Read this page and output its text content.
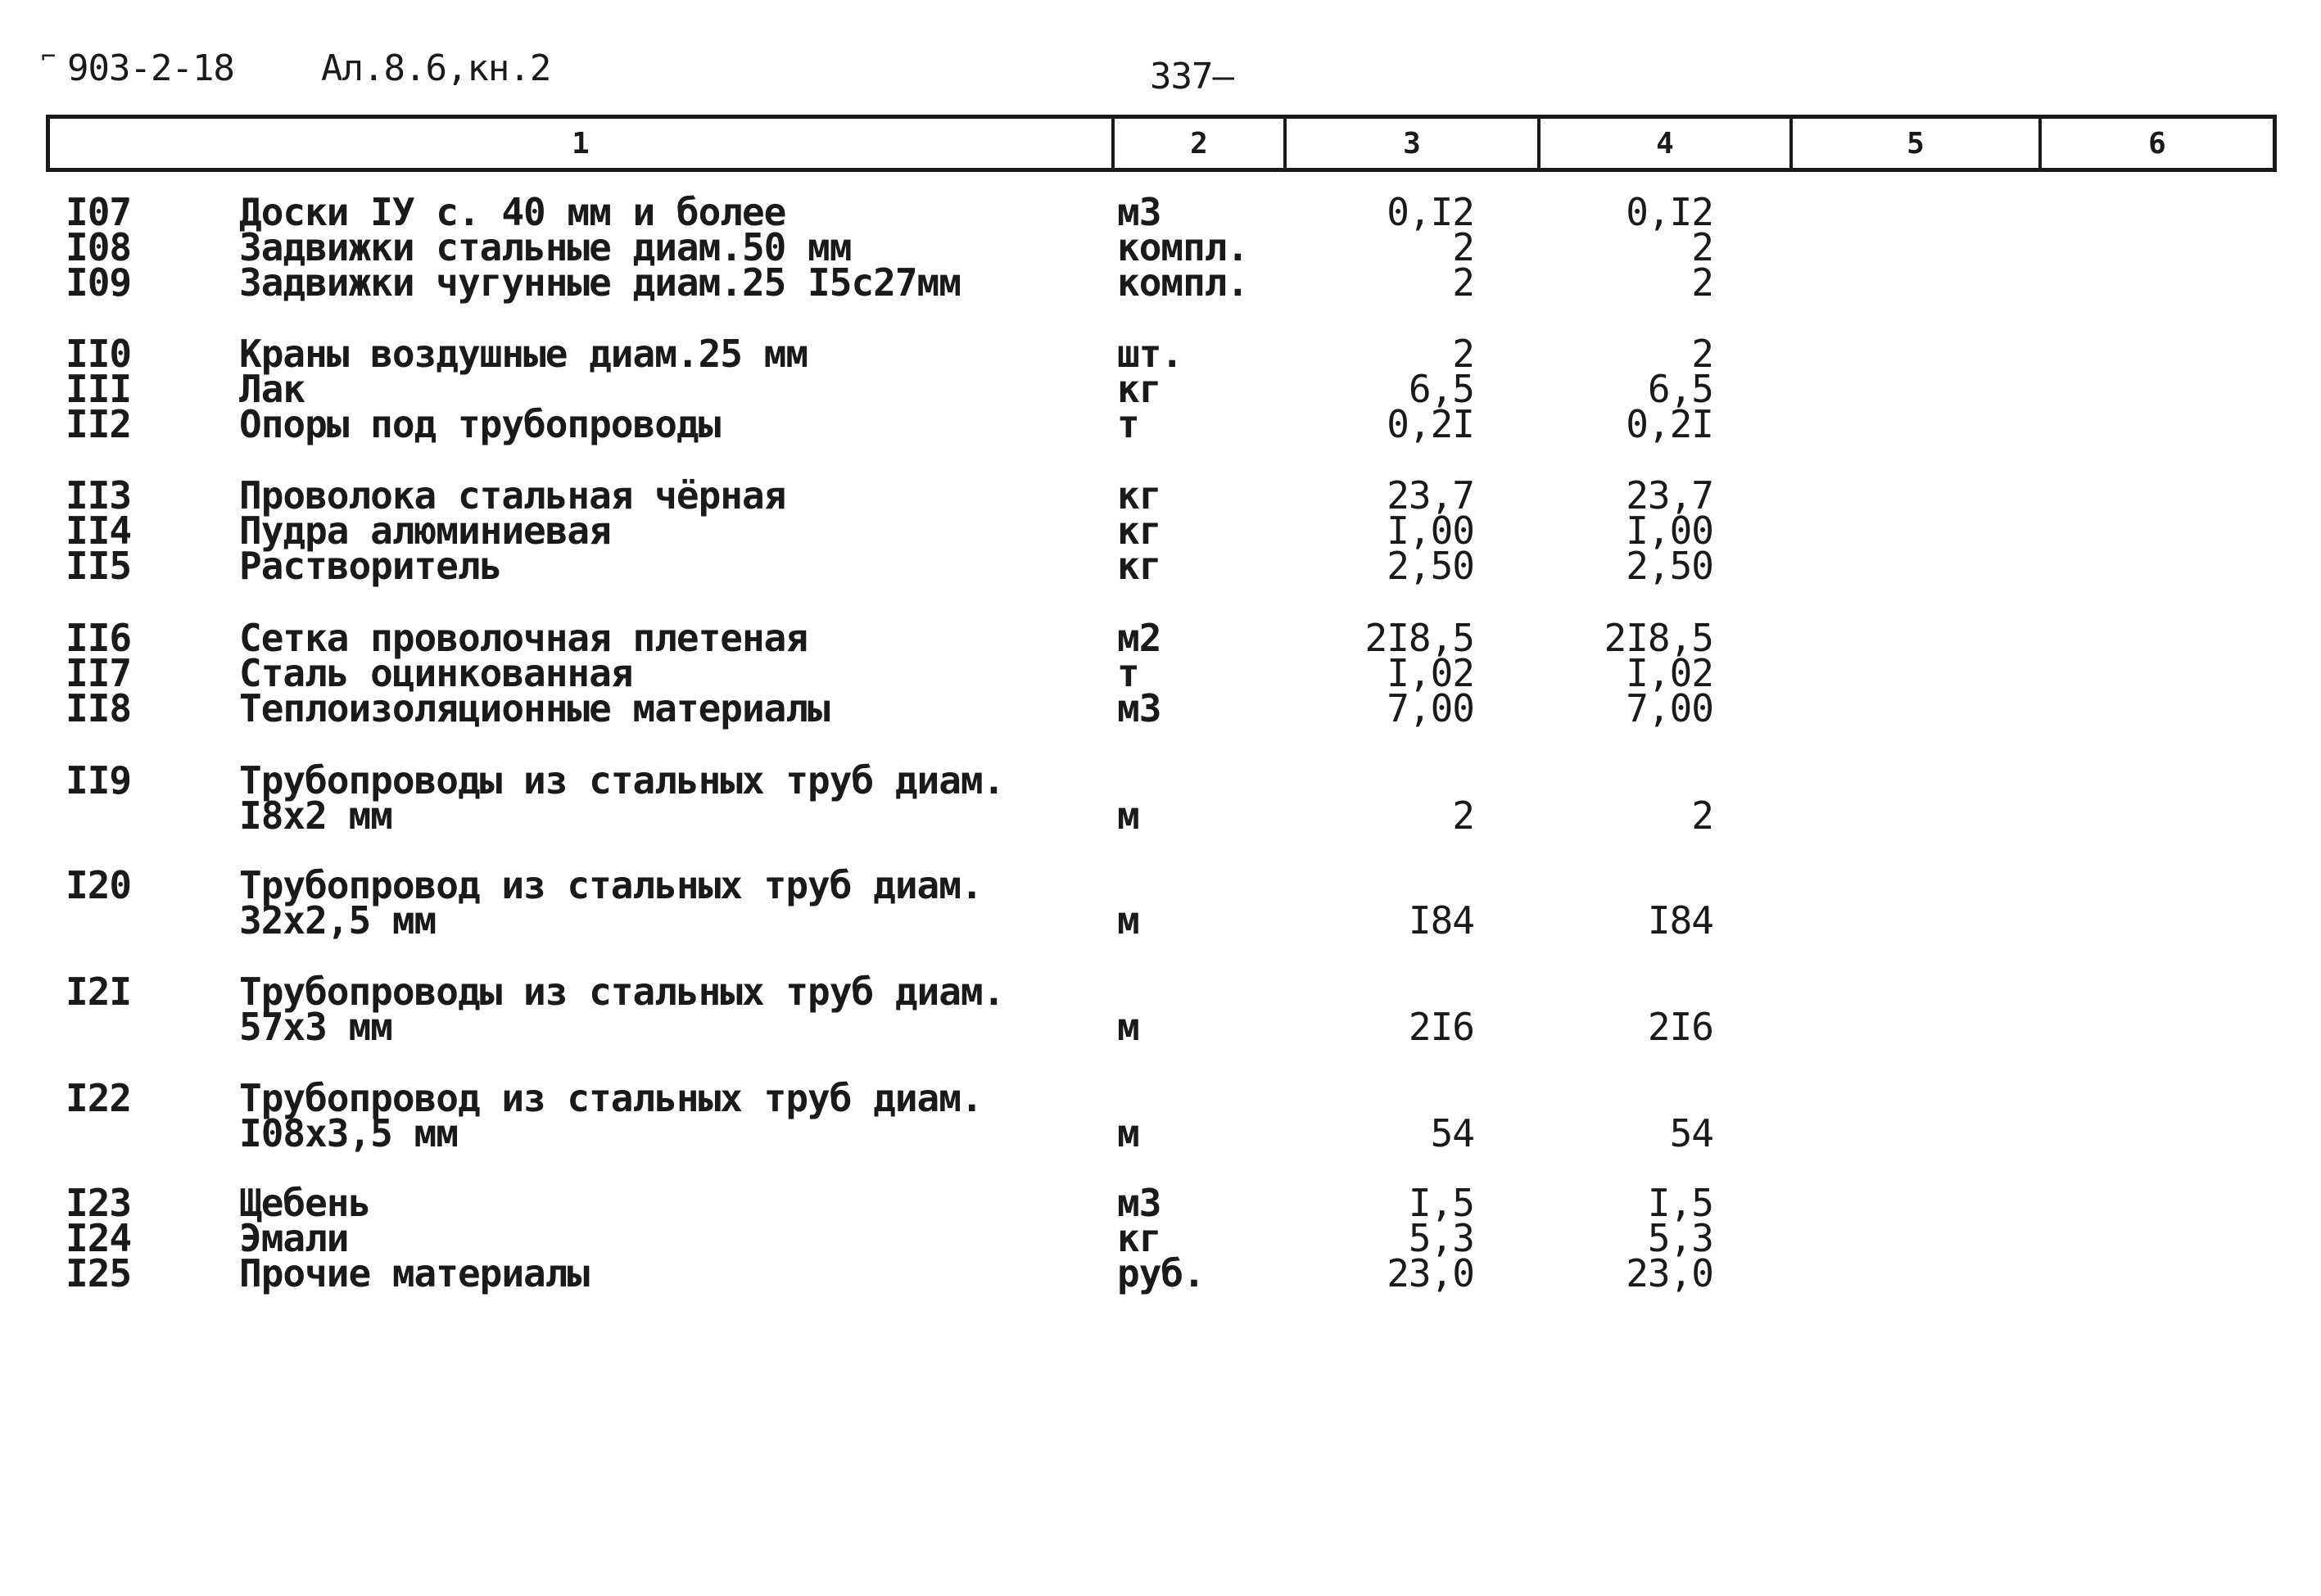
⌐ 903-2-18 Ал.8.6,кн.2	337—
1	2	3	4	5	6
I07	Доски IУ с. 40 мм и более	м3	0,I2	0,I2
I08	Задвижки стальные диам.50 мм	компл.	2	2
I09	Задвижки чугунные диам.25 I5с27мм	компл.	2	2
II0	Краны воздушные диам.25 мм	шт.	2	2
III	Лак	кг	6,5	6,5
II2	Опоры под трубопроводы	т	0,2I	0,2I
II3	Проволока стальная чёрная	кг	23,7	23,7
II4	Пудра алюминиевая	кг	I,00	I,00
II5	Растворитель	кг	2,50	2,50
II6	Сетка проволочная плетеная	м2	2I8,5	2I8,5
II7	Сталь оцинкованная	т	I,02	I,02
II8	Теплоизоляционные материалы	м3	7,00	7,00
II9	Трубопроводы из стальных труб диам.
I8х2 мм	м	2	2
I20	Трубопровод из стальных труб диам.
32х2,5 мм	м	I84	I84
I2I	Трубопроводы из стальных труб диам.
57х3 мм	м	2I6	2I6
I22	Трубопровод из стальных труб диам.
I08х3,5 мм	м	54	54
I23	Щебень	м3	I,5	I,5
I24	Эмали	кг	5,3	5,3
I25	Прочие материалы	руб.	23,0	23,0
